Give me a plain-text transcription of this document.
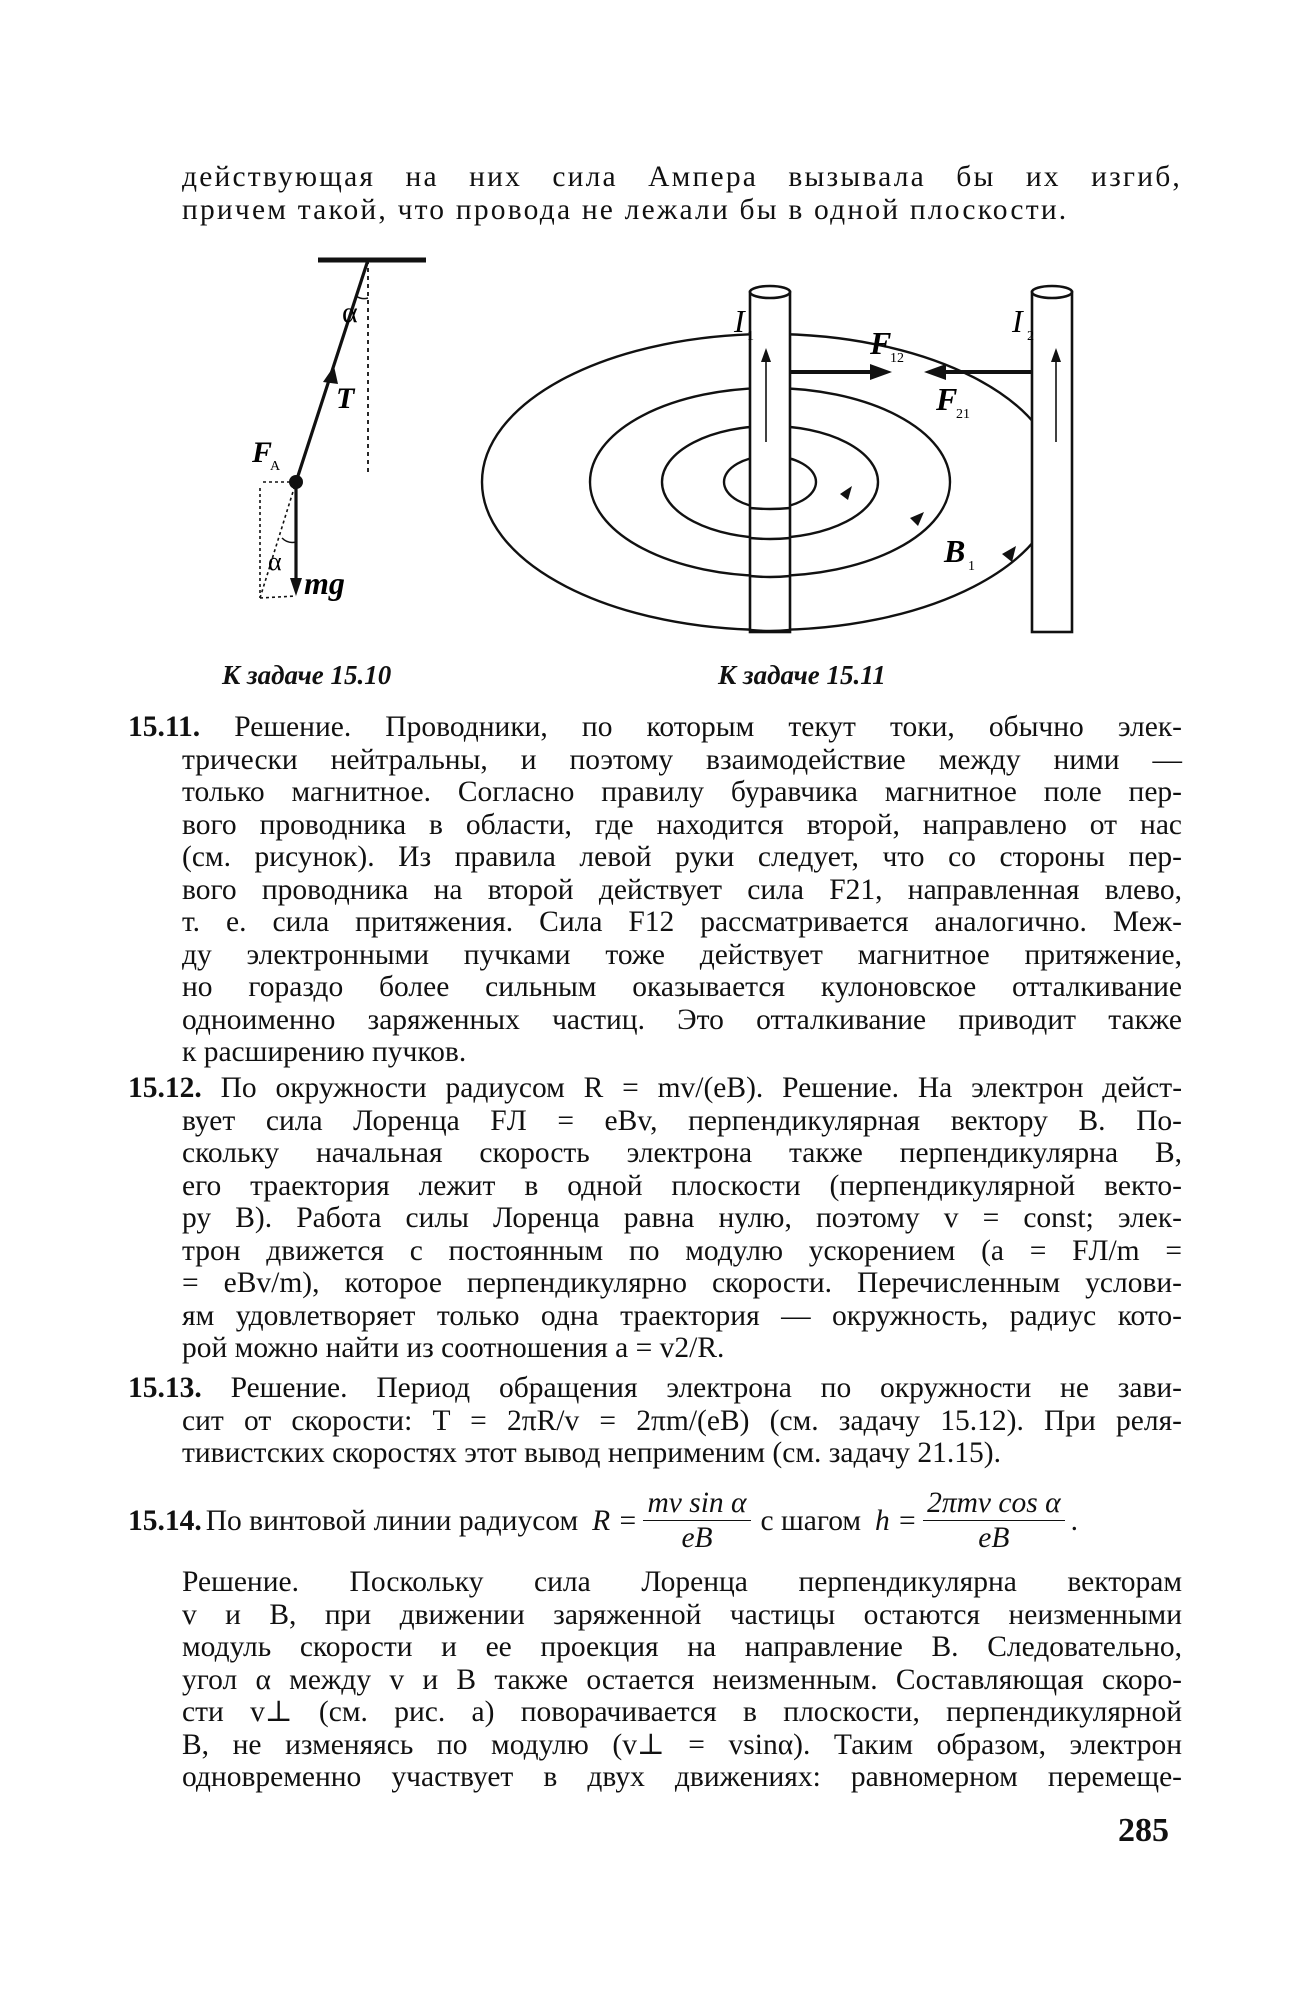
действующая на них сила Ампера вызывала бы их изгиб,
причем такой, что провода не лежали бы в одной плоскости.
α
T
F
А
α
mg
I 1	I 2
F
12
F
21
B 1
К задаче 15.10	К задаче 15.11
15.11. Решение. Проводники, по которым текут токи, обычно элек-
трически нейтральны, и поэтому взаимодействие между ними —
только магнитное. Согласно правилу буравчика магнитное поле пер-
вого проводника в области, где находится второй, направлено от нас
(см. рисунок). Из правила левой руки следует, что со стороны пер-
вого проводника на второй действует сила F21, направленная влево,
т. е. сила притяжения. Сила F12 рассматривается аналогично. Меж-
ду электронными пучками тоже действует магнитное притяжение,
но гораздо более сильным оказывается кулоновское отталкивание
одноименно заряженных частиц. Это отталкивание приводит также
к расширению пучков.
15.12. По окружности радиусом R = mv/(eB). Решение. На электрон дейст-
вует сила Лоренца FЛ = eBv, перпендикулярная вектору B. По-
скольку начальная скорость электрона также перпендикулярна B,
его траектория лежит в одной плоскости (перпендикулярной векто-
ру B). Работа силы Лоренца равна нулю, поэтому v = const; элек-
трон движется с постоянным по модулю ускорением (a = FЛ/m =
= eBv/m), которое перпендикулярно скорости. Перечисленным услови-
ям удовлетворяет только одна траектория — окружность, радиус кото-
рой можно найти из соотношения a = v2/R.
15.13. Решение. Период обращения электрона по окружности не зави-
сит от скорости: T = 2πR/v = 2πm/(eB) (см. задачу 15.12). При реля-
тивистских скоростях этот вывод неприменим (см. задачу 21.15).
15.14. По винтовой линии радиусом $R = \frac{\text{mv sin α}}{eB}$ с шагом $h = \frac{\text{2πmv cos α}}{eB}$ .
Решение. Поскольку сила Лоренца перпендикулярна векторам
v и B, при движении заряженной частицы остаются неизменными
модуль скорости и ее проекция на направление B. Следовательно,
угол α между v и B также остается неизменным. Составляющая скоро-
сти v⊥ (см. рис. а) поворачивается в плоскости, перпендикулярной
B, не изменяясь по модулю (v⊥ = vsinα). Таким образом, электрон
одновременно участвует в двух движениях: равномерном перемеще-
285
